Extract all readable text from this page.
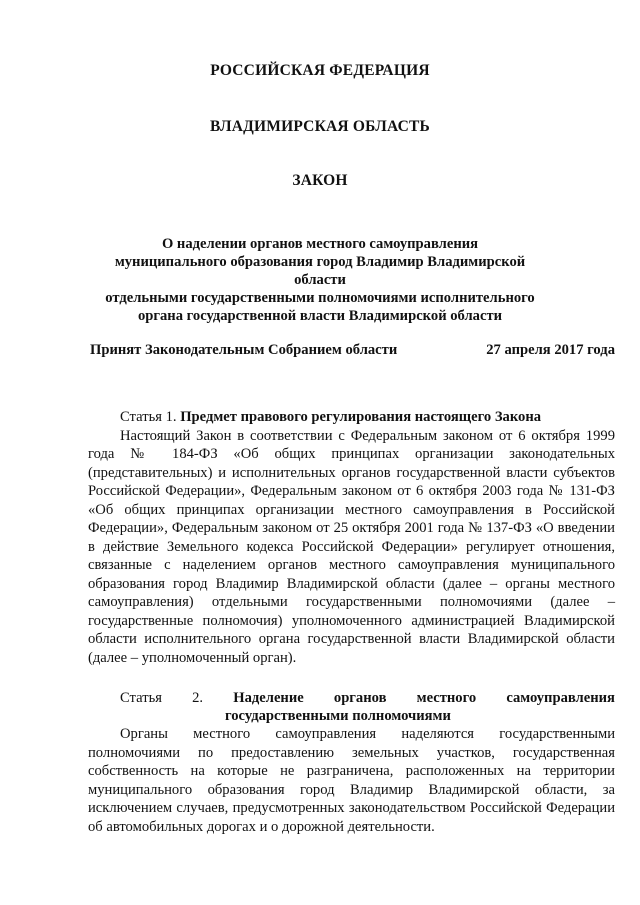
РОССИЙСКАЯ ФЕДЕРАЦИЯ
ВЛАДИМИРСКАЯ ОБЛАСТЬ
ЗАКОН
О наделении органов местного самоуправления
муниципального образования город Владимир Владимирской области
отдельными государственными полномочиями исполнительного
органа государственной власти Владимирской области
Принят Законодательным Собранием области	27 апреля 2017 года
Статья 1. Предмет правового регулирования настоящего Закона
Настоящий Закон в соответствии с Федеральным законом от 6 октября 1999 года № 184-ФЗ «Об общих принципах организации законодательных (представительных) и исполнительных органов государственной власти субъектов Российской Федерации», Федеральным законом от 6 октября 2003 года № 131-ФЗ «Об общих принципах организации местного самоуправления в Российской Федерации», Федеральным законом от 25 октября 2001 года № 137-ФЗ «О введении в действие Земельного кодекса Российской Федерации» регулирует отношения, связанные с наделением органов местного самоуправления муниципального образования город Владимир Владимирской области (далее – органы местного самоуправления) отдельными государственными полномочиями (далее – государственные полномочия) уполномоченного администрацией Владимирской области исполнительного органа государственной власти Владимирской области (далее – уполномоченный орган).
Статья 2. Наделение органов местного самоуправления
государственными полномочиями
Органы местного самоуправления наделяются государственными полномочиями по предоставлению земельных участков, государственная собственность на которые не разграничена, расположенных на территории муниципального образования город Владимир Владимирской области, за исключением случаев, предусмотренных законодательством Российской Федерации об автомобильных дорогах и о дорожной деятельности.
